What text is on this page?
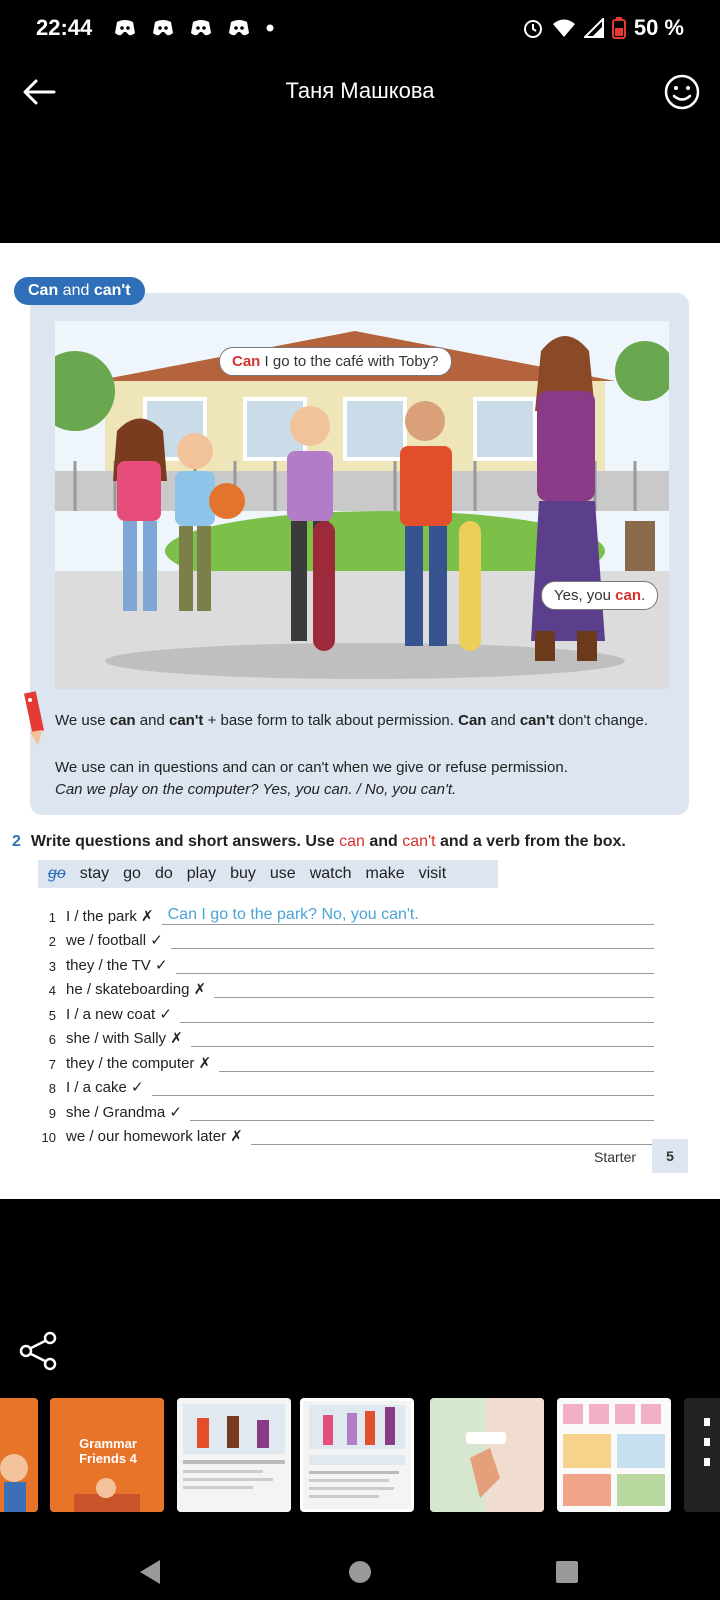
22:44	50 %
Таня Машкова
Can and can't
Can I go to the café with Toby?
Yes, you can.
We use can and can't + base form to talk about permission. Can and can't don't change.
We use can in questions and can or can't when we give or refuse permission.
Can we play on the computer? Yes, you can. / No, you can't.
2 Write questions and short answers. Use can and can't and a verb from the box.
go stay go do play buy use watch make visit
1 I / the park ✗ Can I go to the park? No, you can't.
2 we / football ✓
3 they / the TV ✓
4 he / skateboarding ✗
5 I / a new coat ✓
6 she / with Sally ✗
7 they / the computer ✗
8 I / a cake ✓
9 she / Grandma ✓
10 we / our homework later ✗
Starter	5
Grammar Friends 4
